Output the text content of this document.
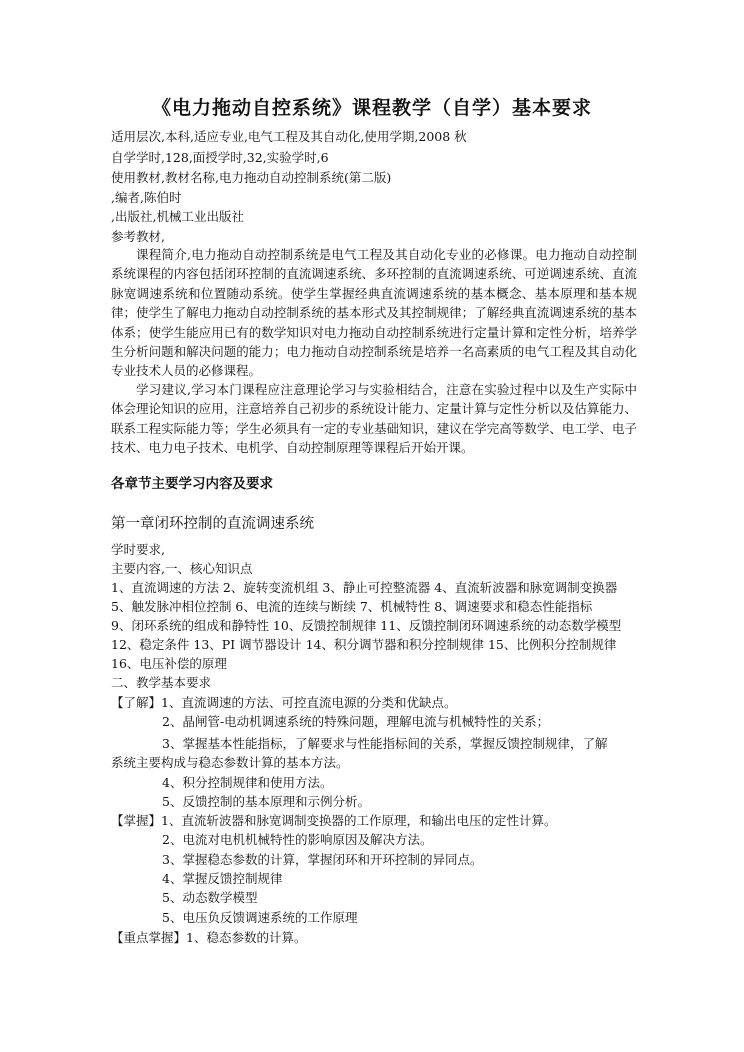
《电力拖动自控系统》课程教学（自学）基本要求
适用层次,本科,适应专业,电气工程及其自动化,使用学期,2008 秋
自学学时,128,面授学时,32,实验学时,6
使用教材,教材名称,电力拖动自动控制系统(第二版)
,编者,陈伯时
,出版社,机械工业出版社
参考教材,
课程简介,电力拖动自动控制系统是电气工程及其自动化专业的必修课。电力拖动自动控制系统课程的内容包括闭环控制的直流调速系统、多环控制的直流调速系统、可逆调速系统、直流脉宽调速系统和位置随动系统。使学生掌握经典直流调速系统的基本概念、基本原理和基本规律；使学生了解电力拖动自动控制系统的基本形式及其控制规律；了解经典直流调速系统的基本体系；使学生能应用已有的数学知识对电力拖动自动控制系统进行定量计算和定性分析，培养学生分析问题和解决问题的能力；电力拖动自动控制系统是培养一名高素质的电气工程及其自动化专业技术人员的必修课程。
学习建议,学习本门课程应注意理论学习与实验相结合，注意在实验过程中以及生产实际中体会理论知识的应用，注意培养自己初步的系统设计能力、定量计算与定性分析以及估算能力、联系工程实际能力等；学生必须具有一定的专业基础知识，建议在学完高等数学、电工学、电子技术、电力电子技术、电机学、自动控制原理等课程后开始开课。
各章节主要学习内容及要求
第一章闭环控制的直流调速系统
学时要求,
主要内容,一、核心知识点
1、直流调速的方法 2、旋转变流机组 3、静止可控整流器 4、直流斩波器和脉宽调制变换器
5、触发脉冲相位控制 6、电流的连续与断续 7、机械特性 8、调速要求和稳态性能指标
9、闭环系统的组成和静特性 10、反馈控制规律 11、反馈控制闭环调速系统的动态数学模型
12、稳定条件 13、PI 调节器设计 14、积分调节器和积分控制规律 15、比例积分控制规律
16、电压补偿的原理
二、教学基本要求
【了解】1、直流调速的方法、可控直流电源的分类和优缺点。
2、晶闸管-电动机调速系统的特殊问题，理解电流与机械特性的关系；
3、掌握基本性能指标，了解要求与性能指标间的关系，掌握反馈控制规律，了解
系统主要构成与稳态参数计算的基本方法。
4、积分控制规律和使用方法。
5、反馈控制的基本原理和示例分析。
【掌握】1、直流斩波器和脉宽调制变换器的工作原理，和输出电压的定性计算。
2、电流对电机机械特性的影响原因及解决方法。
3、掌握稳态参数的计算，掌握闭环和开环控制的异同点。
4、掌握反馈控制规律
5、动态数学模型
5、电压负反馈调速系统的工作原理
【重点掌握】1、稳态参数的计算。
